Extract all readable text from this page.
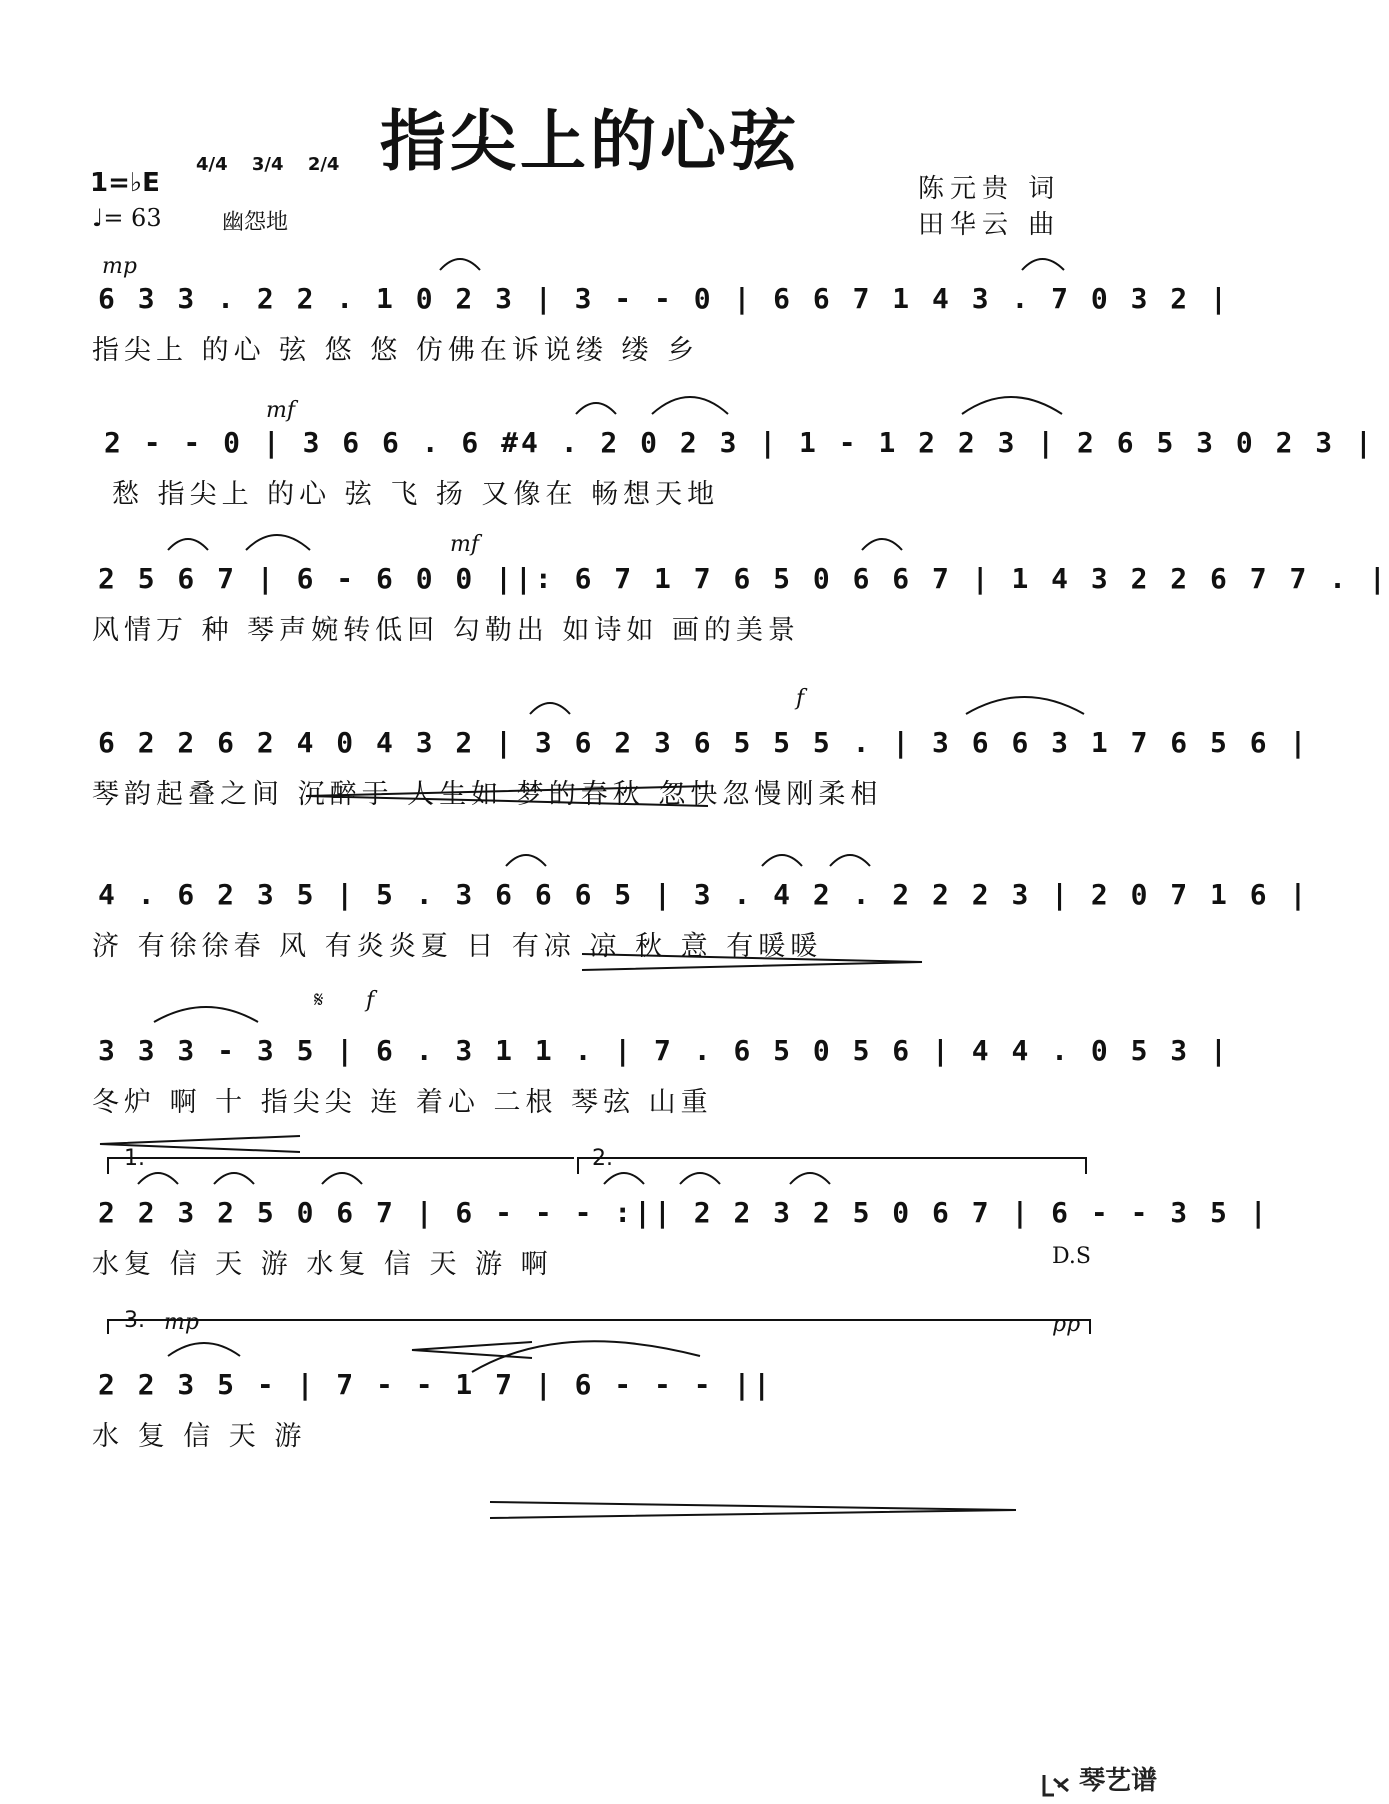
指尖上的心弦
1=♭E
4/4 3/4 2/4
♩= 63	幽怨地
陈元贵 词
田华云 曲
mp
6 3 3 . 2 2 . 1 0 2 3 | 3 - - 0 | 6 6 7 1 4 3 . 7 0 3 2 |
指尖上 的心 弦 悠 悠 仿佛在诉说缕 缕 乡
mf
2 - - 0 | 3 6 6 . 6 #4 . 2 0 2 3 | 1 - 1 2 2 3 | 2 6 5 3 0 2 3 |
愁 指尖上 的心 弦 飞 扬 又像在 畅想天地
mf
2 5 6 7 | 6 - 6 0 0 ||: 6 7 1 7 6 5 0 6 6 7 | 1 4 3 2 2 6 7 7 . |
风情万 种 琴声婉转低回 勾勒出 如诗如 画的美景
f
6 2 2 6 2 4 0 4 3 2 | 3 6 2 3 6 5 5 5 . | 3 6 6 3 1 7 6 5 6 |
琴韵起叠之间 沉醉于 人生如 梦的春秋 忽快忽慢刚柔相
4 . 6 2 3 5 | 5 . 3 6 6 6 5 | 3 . 4 2 . 2 2 2 3 | 2 0 7 1 6 |
济 有徐徐春 风 有炎炎夏 日 有凉 凉 秋 意 有暖暖
𝄋 f
3 3 3 - 3 5 | 6 . 3 1 1 . | 7 . 6 5 0 5 6 | 4 4 . 0 5 3 |
冬炉 啊 十 指尖尖 连 着心 二根 琴弦 山重
1.	2.
2 2 3 2 5 0 6 7 | 6 - - - :|| 2 2 3 2 5 0 6 7 | 6 - - 3 5 |
水复 信 天 游 水复 信 天 游 啊	D.S
3. mp	pp
2 2 3 5 - | 7 - - 1 7 | 6 - - - ||
水 复 信 天 游
琴艺谱
